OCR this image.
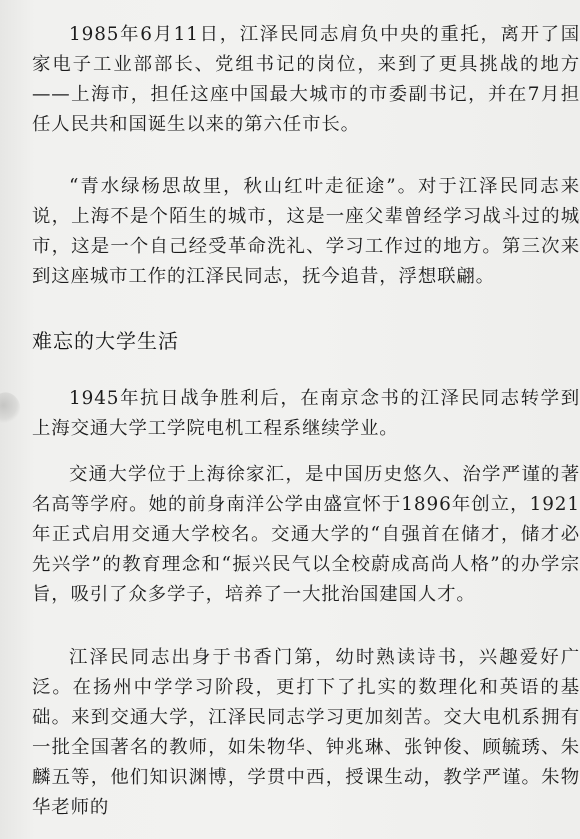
1985年6月11日，江泽民同志肩负中央的重托，离开了国家电子工业部部长、党组书记的岗位，来到了更具挑战的地方——上海市，担任这座中国最大城市的市委副书记，并在7月担任人民共和国诞生以来的第六任市长。

“青水绿杨思故里，秋山红叶走征途”。对于江泽民同志来说，上海不是个陌生的城市，这是一座父辈曾经学习战斗过的城市，这是一个自己经受革命洗礼、学习工作过的地方。第三次来到这座城市工作的江泽民同志，抚今追昔，浮想联翩。

难忘的大学生活

1945年抗日战争胜利后，在南京念书的江泽民同志转学到上海交通大学工学院电机工程系继续学业。

交通大学位于上海徐家汇，是中国历史悠久、治学严谨的著名高等学府。她的前身南洋公学由盛宣怀于1896年创立，1921年正式启用交通大学校名。交通大学的“自强首在储才，储才必先兴学”的教育理念和“振兴民气以全校蔚成高尚人格”的办学宗旨，吸引了众多学子，培养了一大批治国建国人才。

江泽民同志出身于书香门第，幼时熟读诗书，兴趣爱好广泛。在扬州中学学习阶段，更打下了扎实的数理化和英语的基础。来到交通大学，江泽民同志学习更加刻苦。交大电机系拥有一批全国著名的教师，如朱物华、钟兆琳、张钟俊、顾毓琇、朱麟五等，他们知识渊博，学贯中西，授课生动，教学严谨。朱物华老师的
